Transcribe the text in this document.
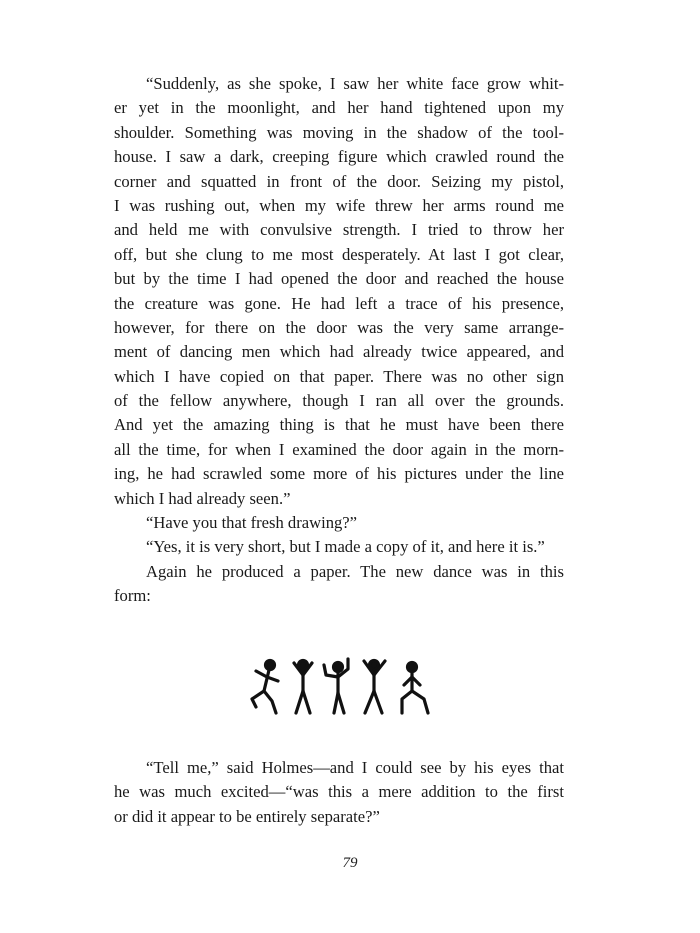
“Suddenly, as she spoke, I saw her white face grow whit-
er yet in the moonlight, and her hand tightened upon my
shoulder. Something was moving in the shadow of the tool-
house. I saw a dark, creeping figure which crawled round the
corner and squatted in front of the door. Seizing my pistol,
I was rushing out, when my wife threw her arms round me
and held me with convulsive strength. I tried to throw her
off, but she clung to me most desperately. At last I got clear,
but by the time I had opened the door and reached the house
the creature was gone. He had left a trace of his presence,
however, for there on the door was the very same arrange-
ment of dancing men which had already twice appeared, and
which I have copied on that paper. There was no other sign
of the fellow anywhere, though I ran all over the grounds.
And yet the amazing thing is that he must have been there
all the time, for when I examined the door again in the morn-
ing, he had scrawled some more of his pictures under the line
which I had already seen.”
“Have you that fresh drawing?”
“Yes, it is very short, but I made a copy of it, and here it is.”
Again he produced a paper. The new dance was in this
form:
“Tell me,” said Holmes—and I could see by his eyes that
he was much excited—“was this a mere addition to the first
or did it appear to be entirely separate?”
79
